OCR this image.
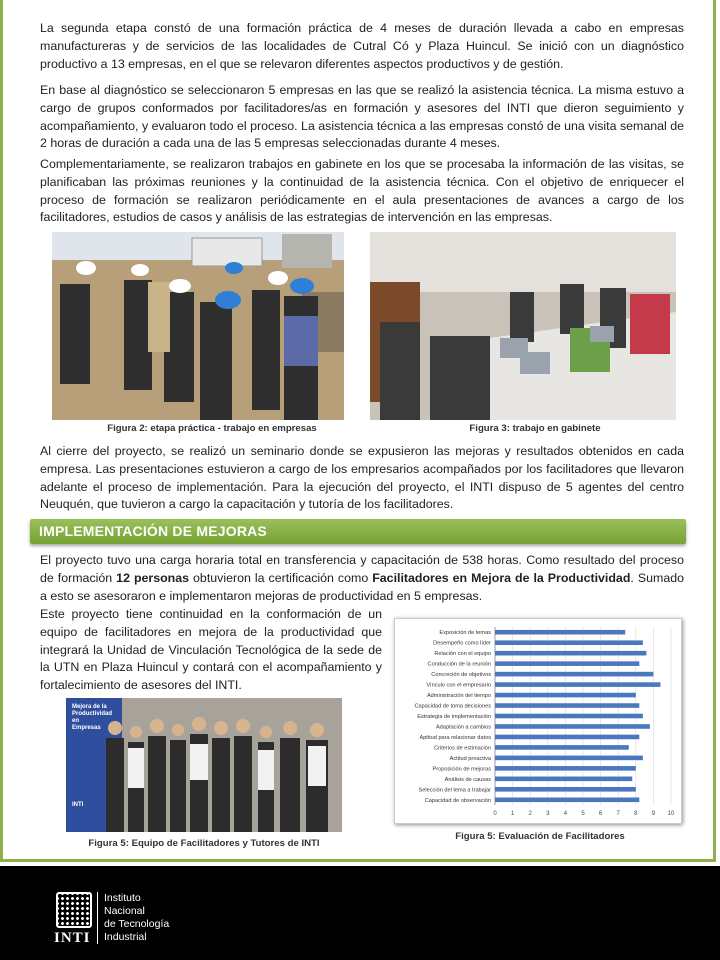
La segunda etapa constó de una formación práctica de 4 meses de duración llevada a cabo en empresas manufactureras y de servicios de las localidades de Cutral Có y Plaza Huincul. Se inició con un diagnóstico productivo a 13 empresas, en el que se relevaron diferentes aspectos productivos y de gestión.

En base al diagnóstico se seleccionaron 5 empresas en las que se realizó la asistencia técnica. La misma estuvo a cargo de grupos conformados por facilitadores/as en formación y asesores del INTI que dieron seguimiento y acompañamiento, y evaluaron todo el proceso. La asistencia técnica a las empresas constó de una visita semanal de 2 horas de duración a cada una de las 5 empresas seleccionadas durante 4 meses.

Complementariamente, se realizaron trabajos en gabinete en los que se procesaba la información de las visitas, se planificaban las próximas reuniones y la continuidad de la asistencia técnica. Con el objetivo de enriquecer el proceso de formación se realizaron periódicamente en el aula presentaciones de avances a cargo de los facilitadores, estudios de casos y análisis de las estrategias de intervención en las empresas.

Figura 2: etapa práctica - trabajo en empresas	Figura 3: trabajo en gabinete

Al cierre del proyecto, se realizó un seminario donde se expusieron las mejoras y resultados obtenidos en cada empresa. Las presentaciones estuvieron a cargo de los empresarios acompañados por los facilitadores que llevaron adelante el proceso de implementación. Para la ejecución del proyecto, el INTI dispuso de 5 agentes del centro Neuquén, que tuvieron a cargo la capacitación y tutoría de los facilitadores.

IMPLEMENTACIÓN DE MEJORAS

El proyecto tuvo una carga horaria total en transferencia y capacitación de 538 horas. Como resultado del proceso de formación 12 personas obtuvieron la certificación como Facilitadores en Mejora de la Productividad. Sumado a esto se asesoraron e implementaron mejoras de productividad en 5 empresas.

Este proyecto tiene continuidad en la conformación de un equipo de facilitadores en mejora de la productividad que integrará la Unidad de Vinculación Tecnológica de la sede de la UTN en Plaza Huincul y contará con el acompañamiento y fortalecimiento de asesores del INTI.

Mejora de la
Productividad en
Empresas
INTI
Figura 5: Equipo de Facilitadores y Tutores de INTI
0 1 2 3 4 5 6 7 8 9 10
Exposición de temas
Desempeño como líder
Relación con el equipo
Conducción de la reunión
Concreción de objetivos
Vínculo con el empresario
Administración del tiempo
Capacidad de toma decisiones
Estrategia de implementación
Adaptación a cambios
Aptitud para relacionar datos
Criterios de estimación
Actitud proactiva
Proposición de mejoras
Análisis de causas
Selección del tema a trabajar
Capacidad de observación
Figura 5: Evaluación de Facilitadores
INTI
Instituto
Nacional
de Tecnología
Industrial
